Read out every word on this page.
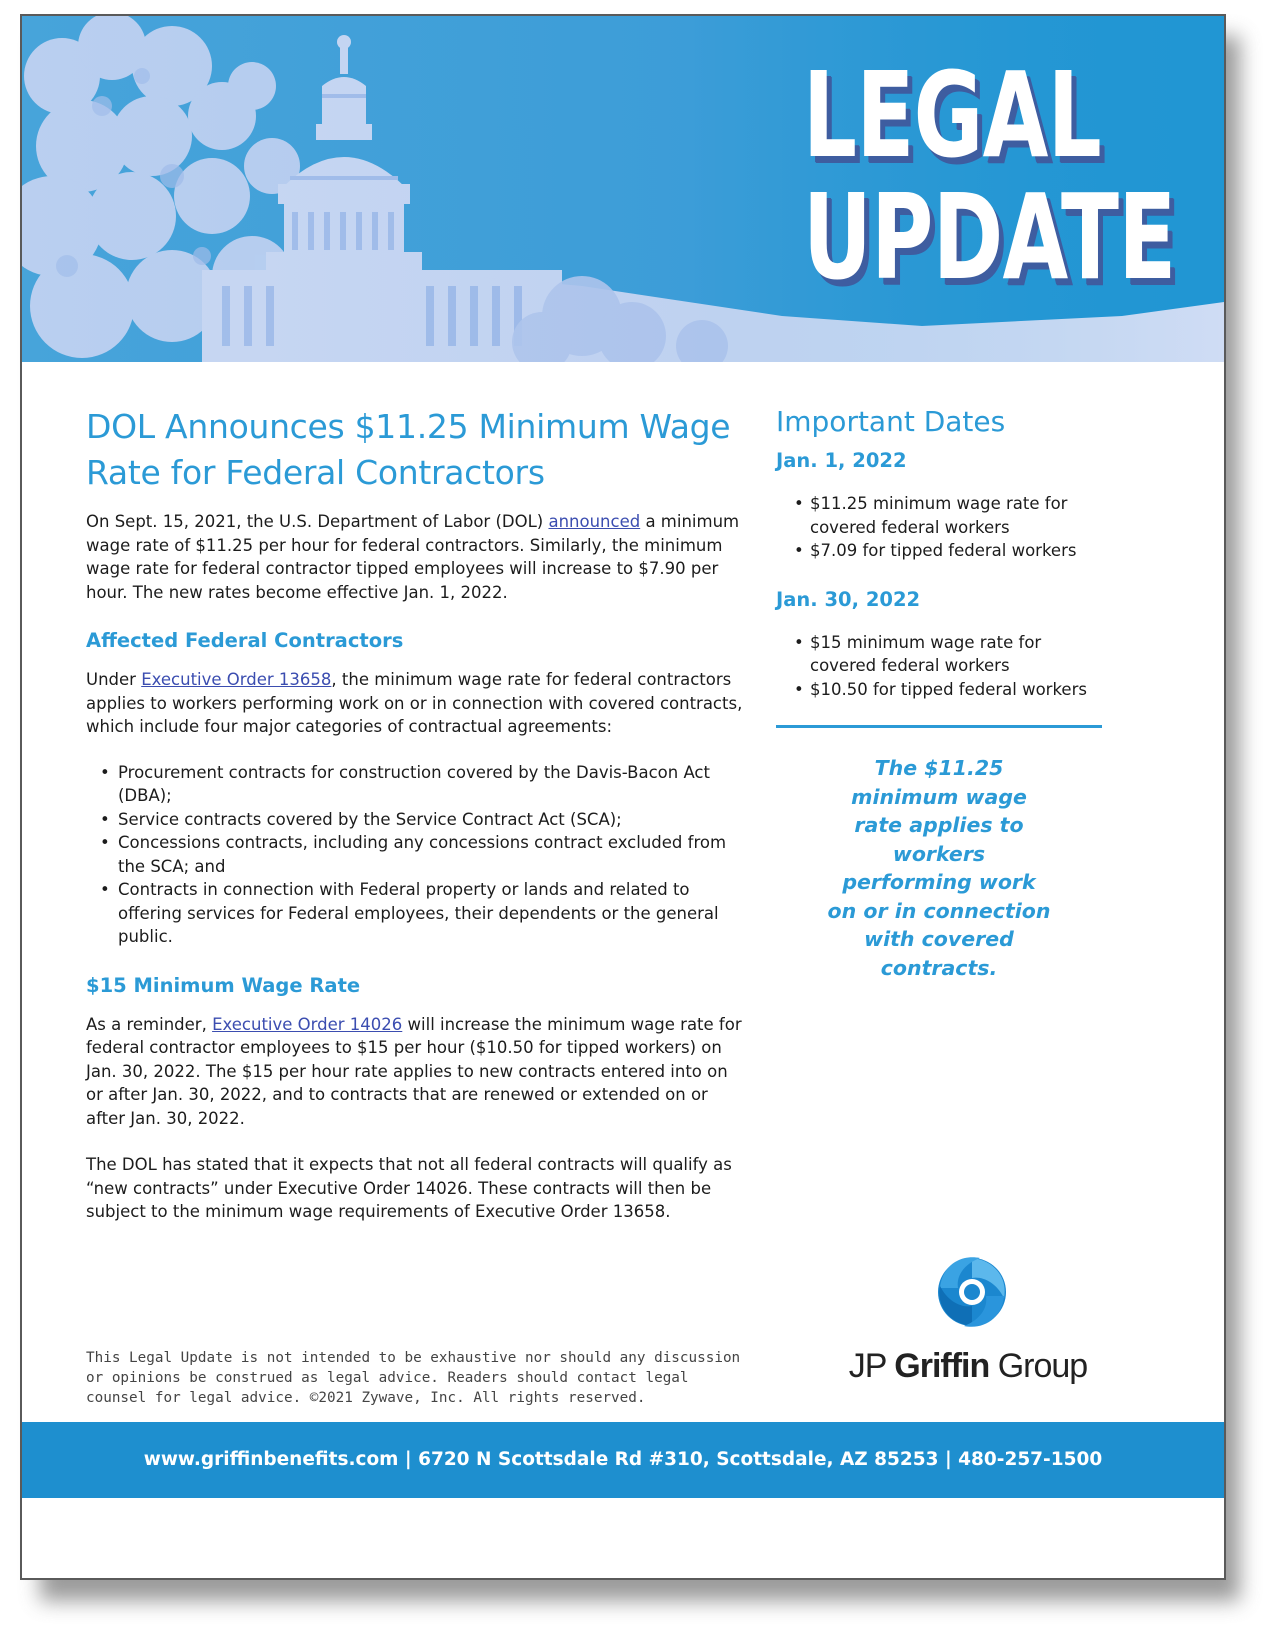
LEGAL
UPDATE
DOL Announces $11.25 Minimum Wage Rate for Federal Contractors

On Sept. 15, 2021, the U.S. Department of Labor (DOL) announced a minimum wage rate of $11.25 per hour for federal contractors. Similarly, the minimum wage rate for federal contractor tipped employees will increase to $7.90 per hour. The new rates become effective Jan. 1, 2022.

Affected Federal Contractors

Under Executive Order 13658, the minimum wage rate for federal contractors applies to workers performing work on or in connection with covered contracts, which include four major categories of contractual agreements:

• Procurement contracts for construction covered by the Davis-Bacon Act (DBA);
• Service contracts covered by the Service Contract Act (SCA);
• Concessions contracts, including any concessions contract excluded from the SCA; and
• Contracts in connection with Federal property or lands and related to offering services for Federal employees, their dependents or the general public.
$15 Minimum Wage Rate

As a reminder, Executive Order 14026 will increase the minimum wage rate for federal contractor employees to $15 per hour ($10.50 for tipped workers) on Jan. 30, 2022. The $15 per hour rate applies to new contracts entered into on or after Jan. 30, 2022, and to contracts that are renewed or extended on or after Jan. 30, 2022.

The DOL has stated that it expects that not all federal contracts will qualify as “new contracts” under Executive Order 14026. These contracts will then be subject to the minimum wage requirements of Executive Order 13658.

Important Dates
Jan. 1, 2022
• $11.25 minimum wage rate for covered federal workers
• $7.09 for tipped federal workers
Jan. 30, 2022
• $15 minimum wage rate for covered federal workers
• $10.50 for tipped federal workers
The $11.25 minimum wage rate applies to workers performing work on or in connection with covered contracts.
This Legal Update is not intended to be exhaustive nor should any discussion or opinions be construed as legal advice. Readers should contact legal counsel for legal advice. ©2021 Zywave, Inc. All rights reserved.
JP Griffin Group
www.griffinbenefits.com | 6720 N Scottsdale Rd #310, Scottsdale, AZ 85253 | 480-257-1500
